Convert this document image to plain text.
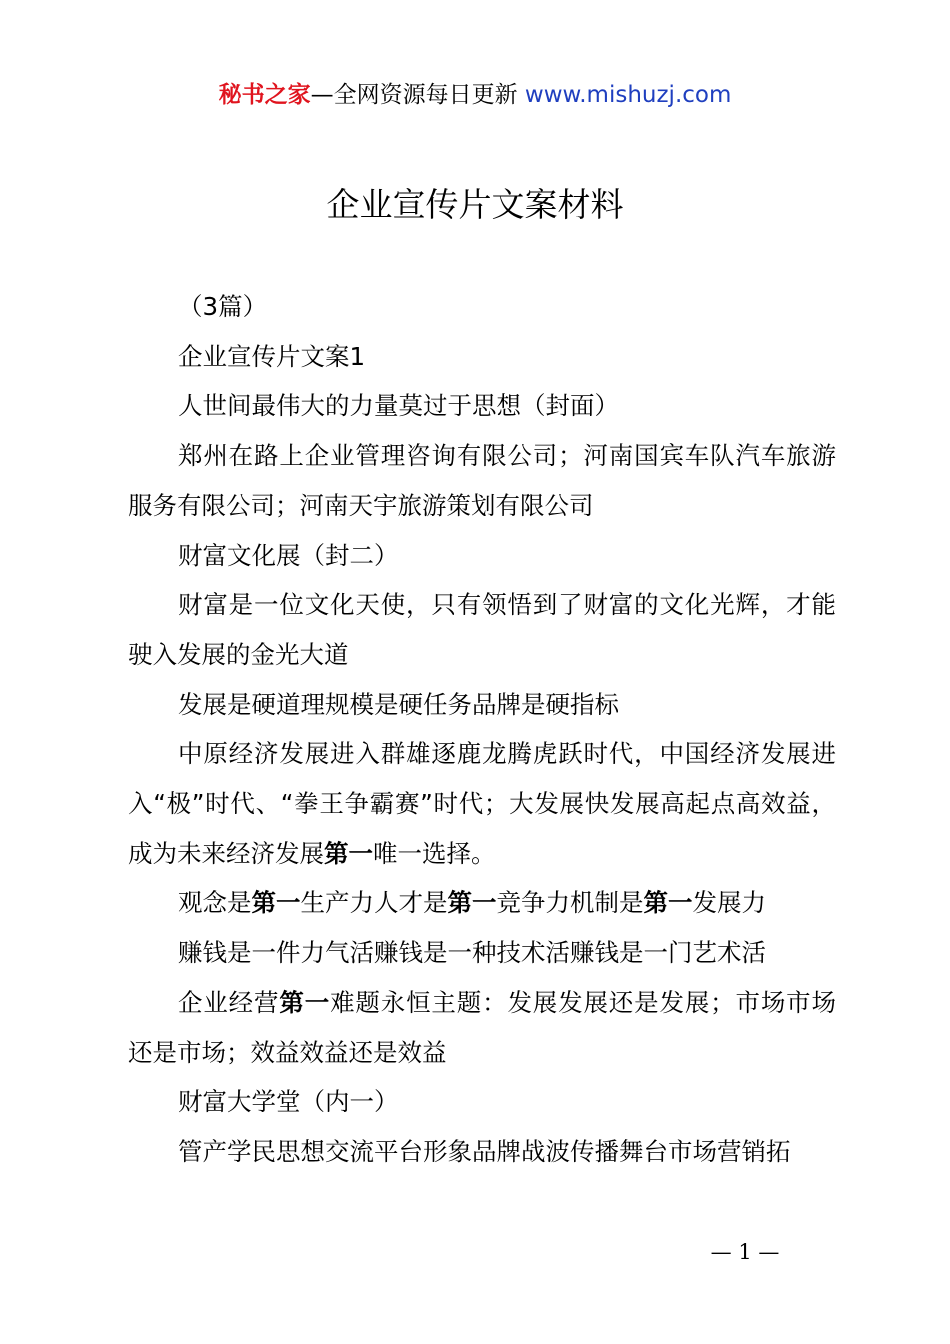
秘书之家—全网资源每日更新 www.mishuzj.com
企业宣传片文案材料

（3篇）

企业宣传片文案1

人世间最伟大的力量莫过于思想（封面）

郑州在路上企业管理咨询有限公司；河南国宾车队汽车旅游服务有限公司；河南天宇旅游策划有限公司

财富文化展（封二）

财富是一位文化天使，只有领悟到了财富的文化光辉，才能驶入发展的金光大道

发展是硬道理规模是硬任务品牌是硬指标

中原经济发展进入群雄逐鹿龙腾虎跃时代，中国经济发展进入“极”时代、“拳王争霸赛”时代；大发展快发展高起点高效益，成为未来经济发展第一唯一选择。

观念是第一生产力人才是第一竞争力机制是第一发展力

赚钱是一件力气活赚钱是一种技术活赚钱是一门艺术活

企业经营第一难题永恒主题：发展发展还是发展；市场市场还是市场；效益效益还是效益

财富大学堂（内一）

管产学民思想交流平台形象品牌战波传播舞台市场营销拓

— 1 —
